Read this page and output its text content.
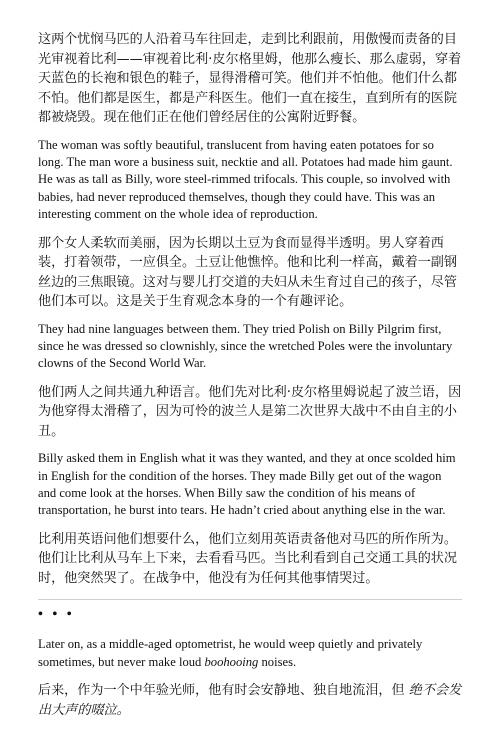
这两个忧悯马匹的人沿着马车往回走，走到比利跟前，用傲慢而责备的目光审视着比利——审视着比利·皮尔格里姆，他那么瘦长、那么虚弱，穿着天蓝色的长袍和银色的鞋子，显得滑稽可笑。他们并不怕他。他们什么都不怕。他们都是医生，都是产科医生。他们一直在接生，直到所有的医院都被烧毁。现在他们正在他们曾经居住的公寓附近野餐。

The woman was softly beautiful, translucent from having eaten potatoes for so long. The man wore a business suit, necktie and all. Potatoes had made him gaunt. He was as tall as Billy, wore steel-rimmed trifocals. This couple, so involved with babies, had never reproduced themselves, though they could have. This was an interesting comment on the whole idea of reproduction.

那个女人柔软而美丽，因为长期以土豆为食而显得半透明。男人穿着西装，打着领带，一应俱全。土豆让他憔悴。他和比利一样高，戴着一副钢丝边的三焦眼镜。这对与婴儿打交道的夫妇从未生育过自己的孩子，尽管他们本可以。这是关于生育观念本身的一个有趣评论。

They had nine languages between them. They tried Polish on Billy Pilgrim first, since he was dressed so clownishly, since the wretched Poles were the involuntary clowns of the Second World War.

他们两人之间共通九种语言。他们先对比利·皮尔格里姆说起了波兰语，因为他穿得太滑稽了，因为可怜的波兰人是第二次世界大战中不由自主的小丑。

Billy asked them in English what it was they wanted, and they at once scolded him in English for the condition of the horses. They made Billy get out of the wagon and come look at the horses. When Billy saw the condition of his means of transportation, he burst into tears. He hadn’t cried about anything else in the war.

比利用英语问他们想要什么，他们立刻用英语责备他对马匹的所作所为。他们让比利从马车上下来，去看看马匹。当比利看到自己交通工具的状况时，他突然哭了。在战争中，他没有为任何其他事情哭过。

• • •

Later on, as a middle-aged optometrist, he would weep quietly and privately sometimes, but never make loud boohooing noises.

后来，作为一个中年验光师，他有时会安静地、独自地流泪，但 绝不会发出大声的啜泣。
